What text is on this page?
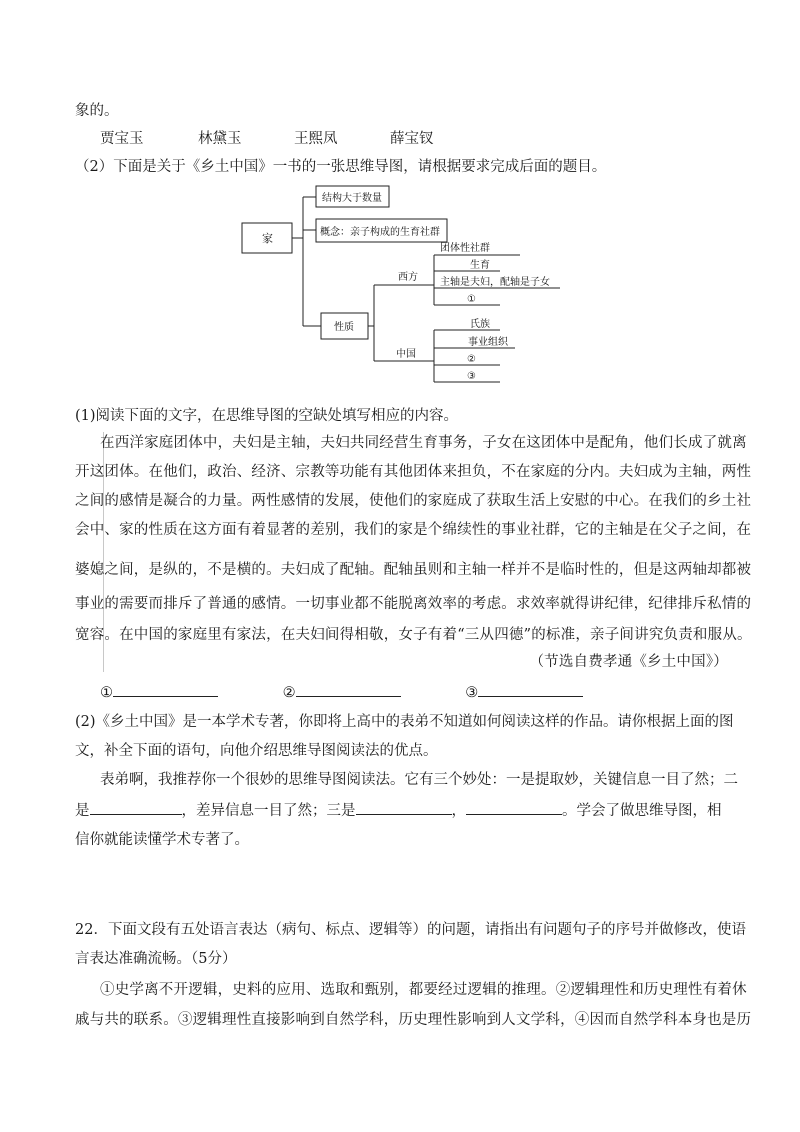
象的。
贾宝玉	林黛玉	王熙凤	薛宝钗
（2）下面是关于《乡土中国》一书的一张思维导图，请根据要求完成后面的题目。
家
结构大于数量
概念：亲子构成的生育社群
性质
西方
中国
团体性社群
生育
主轴是夫妇，配轴是子女
①
氏族
事业组织
②
③
(1)阅读下面的文字，在思维导图的空缺处填写相应的内容。
在西洋家庭团体中，夫妇是主轴，夫妇共同经营生育事务，子女在这团体中是配角，他们长成了就离
开这团体。在他们，政治、经济、宗教等功能有其他团体来担负，不在家庭的分内。夫妇成为主轴，两性
之间的感情是凝合的力量。两性感情的发展，使他们的家庭成了获取生活上安慰的中心。在我们的乡土社
会中、家的性质在这方面有着显著的差别，我们的家是个绵续性的事业社群，它的主轴是在父子之间，在
婆媳之间，是纵的，不是横的。夫妇成了配轴。配轴虽则和主轴一样并不是临时性的，但是这两轴却都被
事业的需要而排斥了普通的感情。一切事业都不能脱离效率的考虑。求效率就得讲纪律，纪律排斥私情的
宽容。在中国的家庭里有家法，在夫妇间得相敬，女子有着“三从四德”的标准，亲子间讲究负责和服从。
（节选自费孝通《乡土中国》）
①	②	③
(2)《乡土中国》是一本学术专著，你即将上高中的表弟不知道如何阅读这样的作品。请你根据上面的图
文，补全下面的语句，向他介绍思维导图阅读法的优点。
表弟啊，我推荐你一个很妙的思维导图阅读法。它有三个妙处：一是提取妙，关键信息一目了然；二
是	，差异信息一目了然；三是	，	。学会了做思维导图，相
信你就能读懂学术专著了。
22．下面文段有五处语言表达（病句、标点、逻辑等）的问题，请指出有问题句子的序号并做修改，使语
言表达准确流畅。（5分）
①史学离不开逻辑，史料的应用、选取和甄别，都要经过逻辑的推理。②逻辑理性和历史理性有着休
戚与共的联系。③逻辑理性直接影响到自然学科，历史理性影响到人文学科，④因而自然学科本身也是历
